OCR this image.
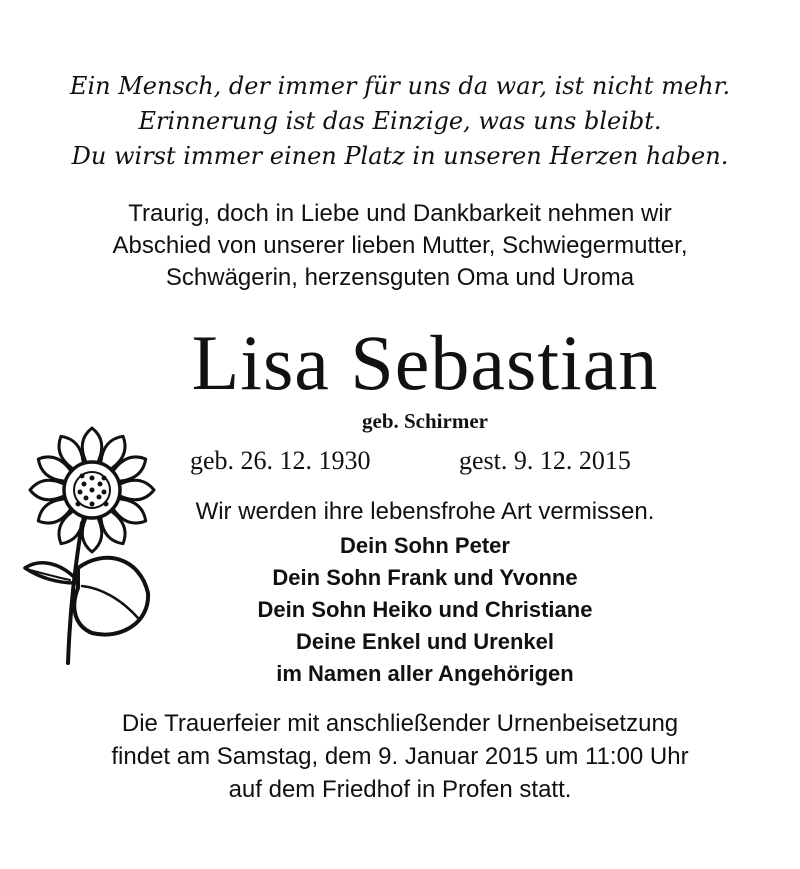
Ein Mensch, der immer für uns da war, ist nicht mehr.
Erinnerung ist das Einzige, was uns bleibt.
Du wirst immer einen Platz in unseren Herzen haben.
Traurig, doch in Liebe und Dankbarkeit nehmen wir
Abschied von unserer lieben Mutter, Schwiegermutter,
Schwägerin, herzensguten Oma und Uroma
Lisa Sebastian
geb. Schirmer
geb. 26. 12. 1930	gest. 9. 12. 2015
Wir werden ihre lebensfrohe Art vermissen.
Dein Sohn Peter
Dein Sohn Frank und Yvonne
Dein Sohn Heiko und Christiane
Deine Enkel und Urenkel
im Namen aller Angehörigen
Die Trauerfeier mit anschließender Urnenbeisetzung
findet am Samstag, dem 9. Januar 2015 um 11:00 Uhr
auf dem Friedhof in Profen statt.
